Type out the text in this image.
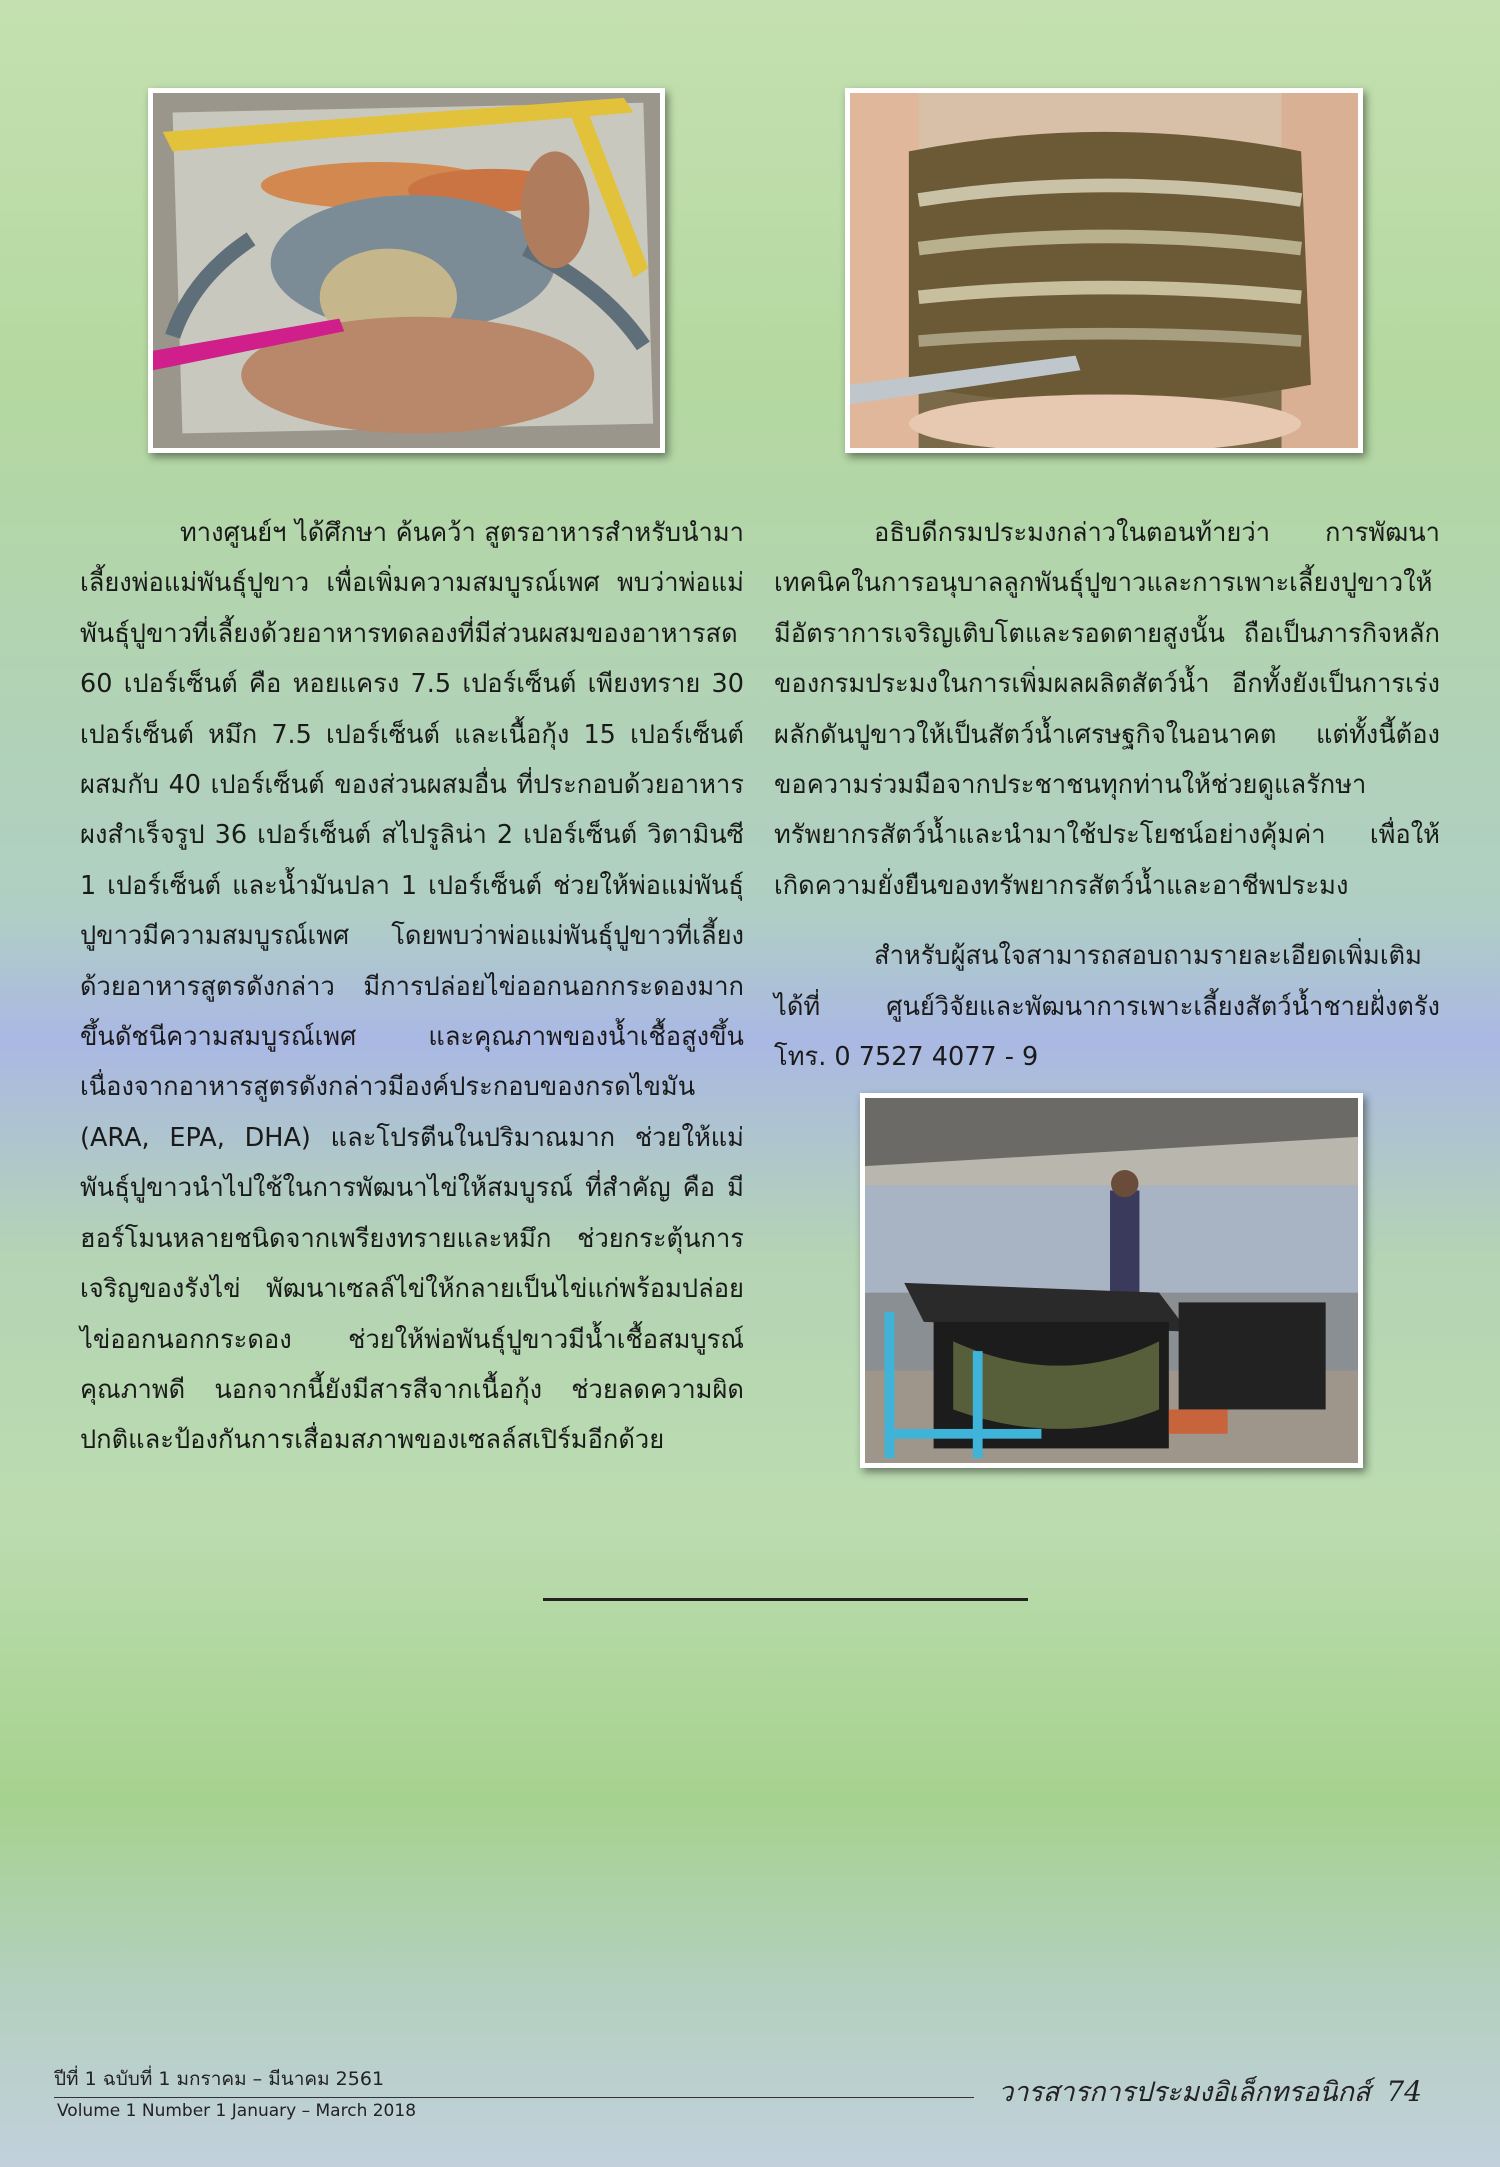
ทางศูนย์ฯ ได้ศึกษา ค้นคว้า สูตรอาหารสำหรับนำมาเลี้ยงพ่อแม่พันธุ์ปูขาว เพื่อเพิ่มความสมบูรณ์เพศ พบว่าพ่อแม่พันธุ์ปูขาวที่เลี้ยงด้วยอาหารทดลองที่มีส่วนผสมของอาหารสด 60 เปอร์เซ็นต์ คือ หอยแครง 7.5 เปอร์เซ็นต์ เพียงทราย 30 เปอร์เซ็นต์ หมึก 7.5 เปอร์เซ็นต์ และเนื้อกุ้ง 15 เปอร์เซ็นต์ ผสมกับ 40 เปอร์เซ็นต์ ของส่วนผสมอื่น ที่ประกอบด้วยอาหารผงสำเร็จรูป 36 เปอร์เซ็นต์ สไปรูลิน่า 2 เปอร์เซ็นต์ วิตามินซี 1 เปอร์เซ็นต์ และน้ำมันปลา 1 เปอร์เซ็นต์ ช่วยให้พ่อแม่พันธุ์ปูขาวมีความสมบูรณ์เพศ โดยพบว่าพ่อแม่พันธุ์ปูขาวที่เลี้ยงด้วยอาหารสูตรดังกล่าว มีการปล่อยไข่ออกนอกกระดองมากขึ้นดัชนีความสมบูรณ์เพศ และคุณภาพของน้ำเชื้อสูงขึ้นเนื่องจากอาหารสูตรดังกล่าวมีองค์ประกอบของกรดไขมัน (ARA, EPA, DHA) และโปรตีนในปริมาณมาก ช่วยให้แม่พันธุ์ปูขาวนำไปใช้ในการพัฒนาไข่ให้สมบูรณ์ ที่สำคัญ คือ มีฮอร์โมนหลายชนิดจากเพรียงทรายและหมึก ช่วยกระตุ้นการเจริญของรังไข่ พัฒนาเซลล์ไข่ให้กลายเป็นไข่แก่พร้อมปล่อยไข่ออกนอกกระดอง ช่วยให้พ่อพันธุ์ปูขาวมีน้ำเชื้อสมบูรณ์ คุณภาพดี นอกจากนี้ยังมีสารสีจากเนื้อกุ้ง ช่วยลดความผิดปกติและป้องกันการเสื่อมสภาพของเซลล์สเปิร์มอีกด้วย

อธิบดีกรมประมงกล่าวในตอนท้ายว่า การพัฒนาเทคนิคในการอนุบาลลูกพันธุ์ปูขาวและการเพาะเลี้ยงปูขาวให้มีอัตราการเจริญเติบโตและรอดตายสูงนั้น ถือเป็นภารกิจหลักของกรมประมงในการเพิ่มผลผลิตสัตว์น้ำ อีกทั้งยังเป็นการเร่งผลักดันปูขาวให้เป็นสัตว์น้ำเศรษฐกิจในอนาคต แต่ทั้งนี้ต้องขอความร่วมมือจากประชาชนทุกท่านให้ช่วยดูแลรักษาทรัพยากรสัตว์น้ำและนำมาใช้ประโยชน์อย่างคุ้มค่า เพื่อให้เกิดความยั่งยืนของทรัพยากรสัตว์น้ำและอาชีพประมง

สำหรับผู้สนใจสามารถสอบถามรายละเอียดเพิ่มเติมได้ที่ ศูนย์วิจัยและพัฒนาการเพาะเลี้ยงสัตว์น้ำชายฝั่งตรัง โทร. 0 7527 4077 - 9

ปีที่ 1 ฉบับที่ 1 มกราคม – มีนาคม 2561
Volume 1 Number 1 January – March 2018
วารสารการประมงอิเล็กทรอนิกส์ 74
